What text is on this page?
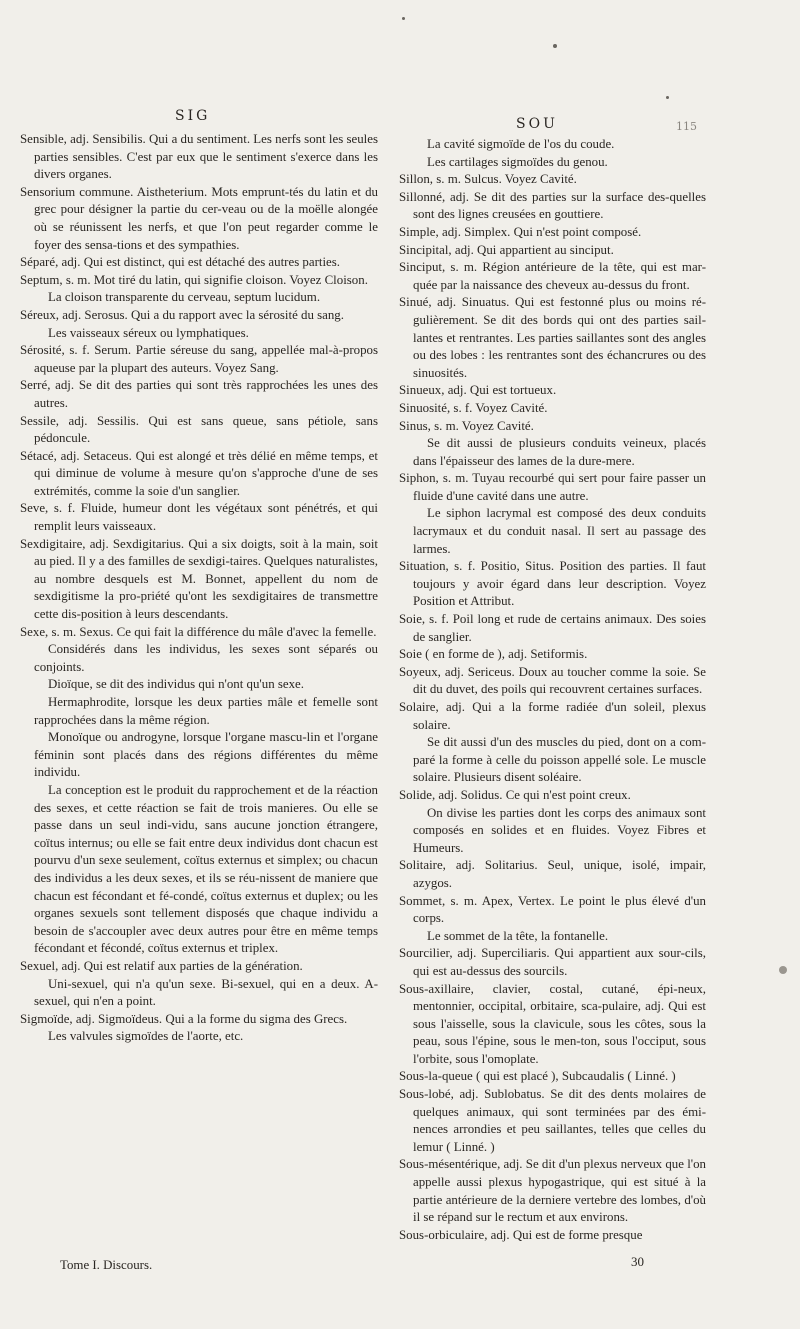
SIG	SOU	115

Sensible, adj. Sensibilis. Qui a du sentiment. Les nerfs sont les seules parties sensibles. C'est par eux que le sentiment s'exerce dans les divers organes.

Sensorium commune. Aistheterium. Mots emprunt-tés du latin et du grec pour désigner la partie du cer-veau ou de la moëlle alongée où se réunissent les nerfs, et que l'on peut regarder comme le foyer des sensa-tions et des sympathies.

Séparé, adj. Qui est distinct, qui est détaché des autres parties.

Septum, s. m. Mot tiré du latin, qui signifie cloison. Voyez Cloison.

La cloison transparente du cerveau, septum lucidum.

Séreux, adj. Serosus. Qui a du rapport avec la sérosité du sang.

Les vaisseaux séreux ou lymphatiques.

Sérosité, s. f. Serum. Partie séreuse du sang, appellée mal-à-propos aqueuse par la plupart des auteurs. Voyez Sang.

Serré, adj. Se dit des parties qui sont très rapprochées les unes des autres.

Sessile, adj. Sessilis. Qui est sans queue, sans pétiole, sans pédoncule.

Sétacé, adj. Setaceus. Qui est alongé et très délié en même temps, et qui diminue de volume à mesure qu'on s'approche d'une de ses extrémités, comme la soie d'un sanglier.

Seve, s. f. Fluide, humeur dont les végétaux sont pénétrés, et qui remplit leurs vaisseaux.

Sexdigitaire, adj. Sexdigitarius. Qui a six doigts, soit à la main, soit au pied. Il y a des familles de sexdigi-taires. Quelques naturalistes, au nombre desquels est M. Bonnet, appellent du nom de sexdigitisme la pro-priété qu'ont les sexdigitaires de transmettre cette dis-position à leurs descendants.

Sexe, s. m. Sexus. Ce qui fait la différence du mâle d'avec la femelle.

Considérés dans les individus, les sexes sont séparés ou conjoints.

Dioïque, se dit des individus qui n'ont qu'un sexe.

Hermaphrodite, lorsque les deux parties mâle et femelle sont rapprochées dans la même région.

Monoïque ou androgyne, lorsque l'organe mascu-lin et l'organe féminin sont placés dans des régions différentes du même individu.

La conception est le produit du rapprochement et de la réaction des sexes, et cette réaction se fait de trois manieres. Ou elle se passe dans un seul indi-vidu, sans aucune jonction étrangere, coïtus internus; ou elle se fait entre deux individus dont chacun est pourvu d'un sexe seulement, coïtus externus et simplex; ou chacun des individus a les deux sexes, et ils se réu-nissent de maniere que chacun est fécondant et fé-condé, coïtus externus et duplex; ou les organes sexuels sont tellement disposés que chaque individu a besoin de s'accoupler avec deux autres pour être en même temps fécondant et fécondé, coïtus externus et triplex.

Sexuel, adj. Qui est relatif aux parties de la génération.

Uni-sexuel, qui n'a qu'un sexe. Bi-sexuel, qui en a deux. A-sexuel, qui n'en a point.

Sigmoïde, adj. Sigmoïdeus. Qui a la forme du sigma des Grecs.

Les valvules sigmoïdes de l'aorte, etc.

La cavité sigmoïde de l'os du coude.

Les cartilages sigmoïdes du genou.

Sillon, s. m. Sulcus. Voyez Cavité.

Sillonné, adj. Se dit des parties sur la surface des-quelles sont des lignes creusées en gouttiere.

Simple, adj. Simplex. Qui n'est point composé.

Sincipital, adj. Qui appartient au sinciput.

Sinciput, s. m. Région antérieure de la tête, qui est mar-quée par la naissance des cheveux au-dessus du front.

Sinué, adj. Sinuatus. Qui est festonné plus ou moins ré-gulièrement. Se dit des bords qui ont des parties sail-lantes et rentrantes. Les parties saillantes sont des angles ou des lobes : les rentrantes sont des échancrures ou des sinuosités.

Sinueux, adj. Qui est tortueux.

Sinuosité, s. f. Voyez Cavité.

Sinus, s. m. Voyez Cavité.

Se dit aussi de plusieurs conduits veineux, placés dans l'épaisseur des lames de la dure-mere.

Siphon, s. m. Tuyau recourbé qui sert pour faire passer un fluide d'une cavité dans une autre.

Le siphon lacrymal est composé des deux conduits lacrymaux et du conduit nasal. Il sert au passage des larmes.

Situation, s. f. Positio, Situs. Position des parties. Il faut toujours y avoir égard dans leur description. Voyez Position et Attribut.

Soie, s. f. Poil long et rude de certains animaux. Des soies de sanglier.

Soie ( en forme de ), adj. Setiformis.

Soyeux, adj. Sericeus. Doux au toucher comme la soie. Se dit du duvet, des poils qui recouvrent certaines surfaces.

Solaire, adj. Qui a la forme radiée d'un soleil, plexus solaire.

Se dit aussi d'un des muscles du pied, dont on a com-paré la forme à celle du poisson appellé sole. Le muscle solaire. Plusieurs disent soléaire.

Solide, adj. Solidus. Ce qui n'est point creux.

On divise les parties dont les corps des animaux sont composés en solides et en fluides. Voyez Fibres et Humeurs.

Solitaire, adj. Solitarius. Seul, unique, isolé, impair, azygos.

Sommet, s. m. Apex, Vertex. Le point le plus élevé d'un corps.

Le sommet de la tête, la fontanelle.

Sourcilier, adj. Superciliaris. Qui appartient aux sour-cils, qui est au-dessus des sourcils.

Sous-axillaire, clavier, costal, cutané, épi-neux, mentonnier, occipital, orbitaire, sca-pulaire, adj. Qui est sous l'aisselle, sous la clavicule, sous les côtes, sous la peau, sous l'épine, sous le men-ton, sous l'occiput, sous l'orbite, sous l'omoplate.

Sous-la-queue ( qui est placé ), Subcaudalis ( Linné. )

Sous-lobé, adj. Sublobatus. Se dit des dents molaires de quelques animaux, qui sont terminées par des émi-nences arrondies et peu saillantes, telles que celles du lemur ( Linné. )

Sous-mésentérique, adj. Se dit d'un plexus nerveux que l'on appelle aussi plexus hypogastrique, qui est situé à la partie antérieure de la derniere vertebre des lombes, d'où il se répand sur le rectum et aux environs.

Sous-orbiculaire, adj. Qui est de forme presque

Tome I. Discours.	30
